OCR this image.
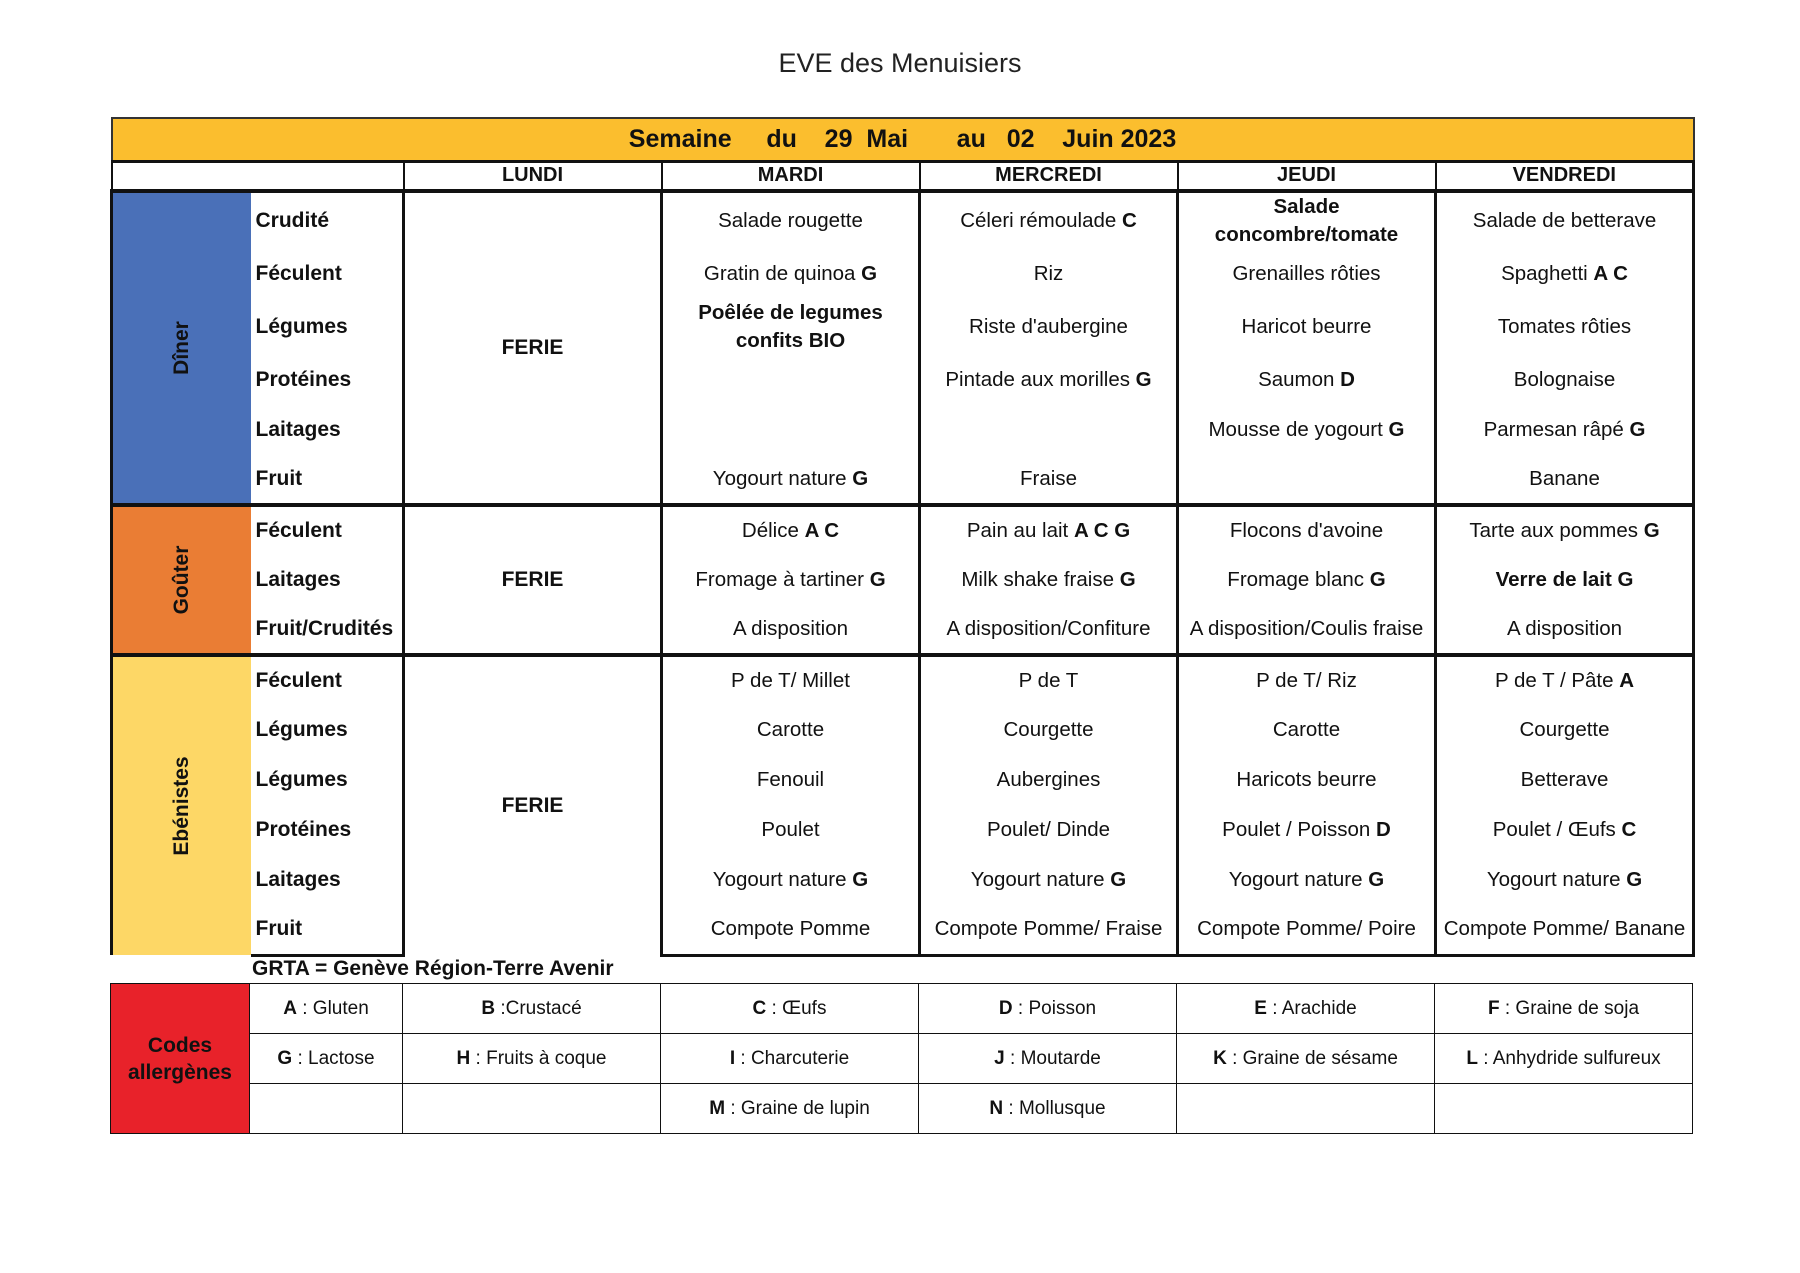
EVE des Menuisiers
Semaine     du    29  Mai       au   02    Juin 2023						
		LUNDI	MARDI	MERCREDI	JEUDI	VENDREDI

Dîner	Crudité	FERIE	Salade rougette	Céleri rémoulade C	Salade concombre/tomate	Salade de betterave
	Féculent		Gratin de quinoa G	Riz	Grenailles rôties	Spaghetti A C
	Légumes		Poêlée de legumes confits BIO	Riste d'aubergine	Haricot beurre	Tomates rôties
	Protéines			Pintade aux morilles G	Saumon D	Bolognaise
	Laitages				Mousse de yogourt G	Parmesan râpé G
	Fruit		Yogourt nature G	Fraise		Banane

Goûter	Féculent	FERIE	Délice A C	Pain au lait A C G	Flocons d'avoine	Tarte aux pommes G
	Laitages		Fromage à tartiner G	Milk shake fraise G	Fromage blanc G	Verre de lait G
	Fruit/Crudités		A disposition	A disposition/Confiture	A disposition/Coulis fraise	A disposition

Ebénistes	Féculent	FERIE	P de T/ Millet	P de T	P de T/ Riz	P de T / Pâte A
	Légumes		Carotte	Courgette	Carotte	Courgette
	Légumes		Fenouil	Aubergines	Haricots beurre	Betterave
	Protéines		Poulet	Poulet/ Dinde	Poulet / Poisson D	Poulet / Œufs C
	Laitages		Yogourt nature G	Yogourt nature G	Yogourt nature G	Yogourt nature G
	Fruit		Compote Pomme	Compote Pomme/ Fraise	Compote Pomme/ Poire	Compote Pomme/ Banane
GRTA = Genève Région-Terre Avenir
Codes allergènes	A : Gluten	B :Crustacé	C : Œufs	D : Poisson	E : Arachide	F : Graine de soja
	G : Lactose	H : Fruits à coque	I : Charcuterie	J : Moutarde	K : Graine de sésame	L : Anhydride sulfureux
			M : Graine de lupin	N : Mollusque		
